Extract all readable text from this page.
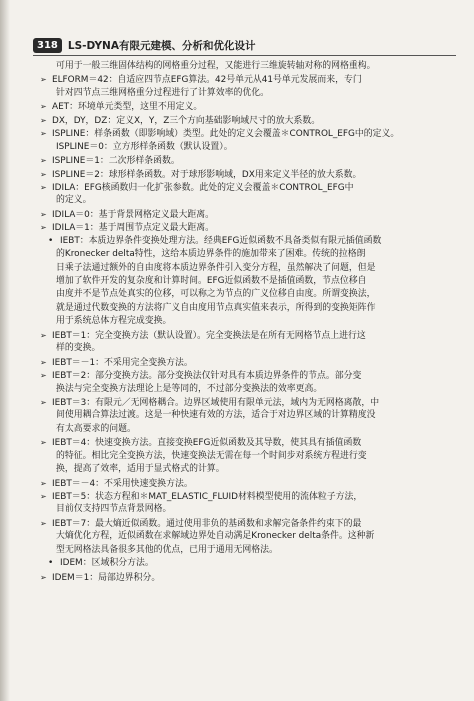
318 LS-DYNA有限元建模、分析和优化设计
可用于一般三维固体结构的网格重分过程，又能进行三维旋转轴对称的网格重构。
➢ ELFORM＝42：自适应四节点EFG算法。42号单元从41号单元发展而来，专门
针对四节点三维网格重分过程进行了计算效率的优化。
➢ AET：环境单元类型，这里不用定义。
➢ DX，DY，DZ：定义X，Y，Z三个方向基础影响域尺寸的放大系数。
➢ ISPLINE：样条函数（即影响域）类型。此处的定义会覆盖＊CONTROL_EFG中的定义。
ISPLINE＝0：立方形样条函数（默认设置）。
➢ ISPLINE＝1：二次形样条函数。
➢ ISPLINE＝2：球形样条函数。对于球形影响域，DX用来定义半径的放大系数。
➢ IDILA：EFG核函数归一化扩张参数。此处的定义会覆盖＊CONTROL_EFG中
的定义。
➢ IDILA＝0：基于背景网格定义最大距离。
➢ IDILA＝1：基于周围节点定义最大距离。
• IEBT：本质边界条件变换处理方法。经典EFG近似函数不具备类似有限元插值函数
的Kronecker delta特性，这给本质边界条件的施加带来了困难。传统的拉格朗
日乘子法通过额外的自由度将本质边界条件引入变分方程，虽然解决了问题，但是
增加了软件开发的复杂度和计算时间。EFG近似函数不是插值函数，节点位移自
由度并不是节点处真实的位移，可以称之为节点的广义位移自由度。所谓变换法，
就是通过代数变换的方法将广义自由度用节点真实值来表示，所得到的变换矩阵作
用于系统总体方程完成变换。
➢ IEBT＝1：完全变换方法（默认设置）。完全变换法是在所有无网格节点上进行这
样的变换。
➢ IEBT＝－1：不采用完全变换方法。
➢ IEBT＝2：部分变换方法。部分变换法仅针对具有本质边界条件的节点。部分变
换法与完全变换方法理论上是等同的，不过部分变换法的效率更高。
➢ IEBT＝3：有限元／无网格耦合。边界区域使用有限单元法，域内为无网格离散，中
间使用耦合算法过渡。这是一种快速有效的方法，适合于对边界区域的计算精度没
有太高要求的问题。
➢ IEBT＝4：快速变换方法。直接变换EFG近似函数及其导数，使其具有插值函数
的特征。相比完全变换方法，快速变换法无需在每一个时间步对系统方程进行变
换，提高了效率，适用于显式格式的计算。
➢ IEBT＝－4：不采用快速变换方法。
➢ IEBT＝5：状态方程和＊MAT_ELASTIC_FLUID材料模型使用的流体粒子方法，
目前仅支持四节点背景网格。
➢ IEBT＝7：最大熵近似函数。通过使用非负的基函数和求解完备条件约束下的最
大熵优化方程，近似函数在求解域边界处自动满足Kronecker delta条件。这种新
型无网格法具备很多其他的优点，已用于通用无网格法。
• IDEM：区域积分方法。
➢ IDEM＝1：局部边界积分。
